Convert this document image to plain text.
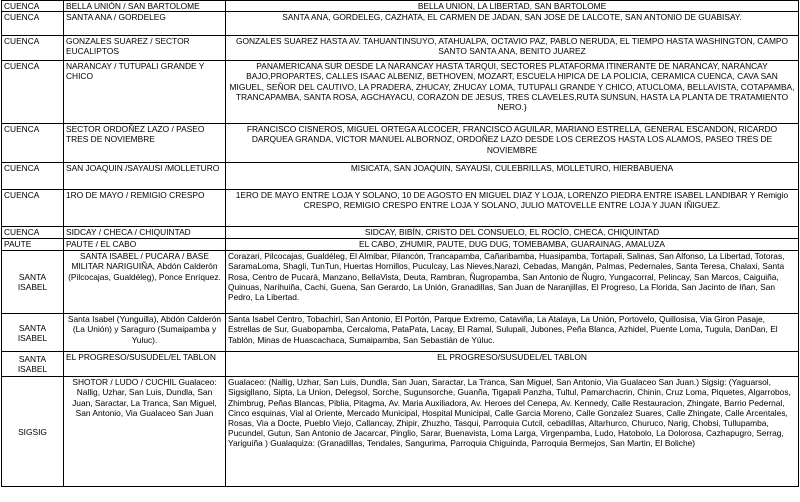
CUENCA	BELLA UNIÓN / SAN BARTOLOME	BELLA UNION, LA LIBERTAD, SAN BARTOLOME
CUENCA	SANTA ANA / GORDELEG	SANTA ANA, GORDELEG, CAZHATA, EL CARMEN DE JADAN, SAN JOSE DE LALCOTE, SAN ANTONIO DE GUABISAY.
CUENCA	GONZALES SUAREZ / SECTOR EUCALIPTOS	GONZALES SUAREZ HASTA AV. TAHUANTINSUYO, ATAHUALPA, OCTAVIO PAZ, PABLO NERUDA, EL TIEMPO HASTA WASHINGTON, CAMPO SANTO SANTA ANA, BENITO JUAREZ
CUENCA	NARANCAY / TUTUPALI GRANDE Y CHICO	PANAMERICANA SUR DESDE LA NARANCAY HASTA TARQUI, SECTORES PLATAFORMA ITINERANTE DE NARANCAY, NARANCAY BAJO,PROPARTES, CALLES ISAAC ALBENIZ, BETHOVEN, MOZART, ESCUELA HIPICA DE LA POLICIA, CERAMICA CUENCA, CAVA SAN MIGUEL, SEÑOR DEL CAUTIVO, LA PRADERA, ZHUCAY, ZHUCAY LOMA, TUTUPALI GRANDE Y CHICO, ATUCLOMA, BELLAVISTA, COTAPAMBA, TRANCAPAMBA, SANTA ROSA, AGCHAYACU, CORAZON DE JESUS, TRES CLAVELES,RUTA SUNSUN, HASTA LA PLANTA DE TRATAMIENTO NERO.}
CUENCA	SECTOR ORDOÑEZ LAZO / PASEO TRES DE NOVIEMBRE	FRANCISCO CISNEROS, MIGUEL ORTEGA ALCOCER, FRANCISCO AGUILAR, MARIANO ESTRELLA, GENERAL ESCANDON, RICARDO DARQUEA GRANDA, VICTOR MANUEL ALBORNOZ, ORDOÑEZ LAZO DESDE LOS CEREZOS HASTA LOS ALAMOS, PASEO TRES DE NOVIEMBRE
CUENCA	SAN JOAQUIN /SAYAUSI /MOLLETURO	MISICATA, SAN JOAQUIN, SAYAUSI, CULEBRILLAS, MOLLETURO, HIERBABUENA
CUENCA	1RO DE MAYO / REMIGIO CRESPO	1ERO DE MAYO ENTRE LOJA Y SOLANO, 10 DE AGOSTO EN MIGUEL DIAZ Y LOJA, LORENZO PIEDRA ENTRE ISABEL LANDIBAR Y Remigio CRESPO, REMIGIO CRESPO ENTRE LOJA Y SOLANO, JULIO MATOVELLE ENTRE LOJA Y JUAN IÑIGUEZ.
CUENCA	SIDCAY / CHECA / CHIQUINTAD	SIDCAY, BIBÍN, CRISTO DEL CONSUELO, EL ROCÍO, CHECA, CHIQUINTAD
PAUTE	PAUTE / EL CABO	EL CABO, ZHUMIR, PAUTE, DUG DUG, TOMEBAMBA, GUARAINAG, AMALUZA
SANTA ISABEL	SANTA ISABEL / PUCARA / BASE MILITAR NARIGUIÑA, Abdón Calderón (Pilcocajas, Gualdéleg), Ponce Enríquez.	Corazari, Pilcocajas, Gualdéleg, El Almibar, Pilancón, Trancapamba, Cañaribamba, Huasipamba, Tortapali, Salinas, San Alfonso, La Libertad, Totoras, SaramaLoma, Shagli, TunTun, Huertas Hornillos, Puculcay, Las Nieves,Narazi, Cebadas, Mangán, Palmas, Pedernales, Santa Teresa, Chalaxi, Santa Rosa, Centro de Pucará, Manzano, BellaVista, Deuta, Rambran, Ñugropamba, San Antonio de Ñugro, Yungacorral, Pelincay, San Marcos, Caiguiña, Quinuas, Narihuiña, Cachi, Guena, San Gerardo, La Unión, Granadillas, San Juan de Naranjillas, El Progreso, La Florida, San Jacinto de Iñan, San Pedro, La Libertad.
SANTA ISABEL	Santa Isabel (Yunguilla), Abdón Calderón (La Unión) y Saraguro (Sumaipamba y Yuluc).	Santa Isabel Centro, Tobachirí, San Antonio, El Portón, Parque Extremo, Cataviña, La Atalaya, La Unión, Portovelo, Quillosisa, Via Giron Pasaje, Estrellas de Sur, Guabopamba, Cercaloma, PataPata, Lacay, El Ramal, Sulupali, Jubones, Peña Blanca, Azhidel, Puente Loma, Tugula, DanDan, El Tablón, Minas de Huascachaca, Sumaipamba, San Sebastián de Yúluc.
SANTA ISABEL	EL PROGRESO/SUSUDEL/EL TABLON	EL PROGRESO/SUSUDEL/EL TABLON
SIGSIG	SHOTOR / LUDO / CUCHIL Gualaceo: Nallig, Uzhar, San Luis, Dundla, San Juan, Saractar, La Tranca, San Miguel, San Antonio, Via Gualaceo San Juan	Gualaceo: (Nallig, Uzhar, San Luis, Dundla, San Juan, Saractar, La Tranca, San Miguel, San Antonio, Via Gualaceo San Juan.) Sigsig: (Yaguarsol, Sigsigllano, Sipta, La Union, Delegsol, Sorche, Sugunsorche, Guanña, Tigapali Panzha, Tultul, Pamarchacrin, Chinin, Cruz Loma, Piquetes, Algarrobos, Zhimbrug, Peñas Blancas, Piblia, Pitagma, Av. Maria Auxiliadora, Av. Heroes del Cenepa, Av. Kennedy, Calle Restauracion, Zhingate, Barrio Pedernal, Cinco esquinas, Vial al Oriente, Mercado Municipal, Hospital Municipal, Calle Garcia Moreno, Calle Gonzalez Suares, Calle Zhingate, Calle Arcentales, Rosas, Via a Docte, Pueblo Viejo, Callancay, Zhipir, Zhuzho, Tasqui, Parroquia Cutcil, cebadillas, Altarhurco, Churuco, Narig, Chobsi, Tullupamba, Pucundel, Gutun, San Antonio de Jacarcar, Pinglio, Sarar, Buenavista, Loma Larga, Virgenpamba, Ludo, Hatobolo, La Dolorosa, Cazhapugro, Serrag, Yariguiña ) Gualaquiza: (Granadillas, Tendales, Sangurima, Parroquia Chiguinda, Parroquia Bermejos, San Martin, El Boliche)
